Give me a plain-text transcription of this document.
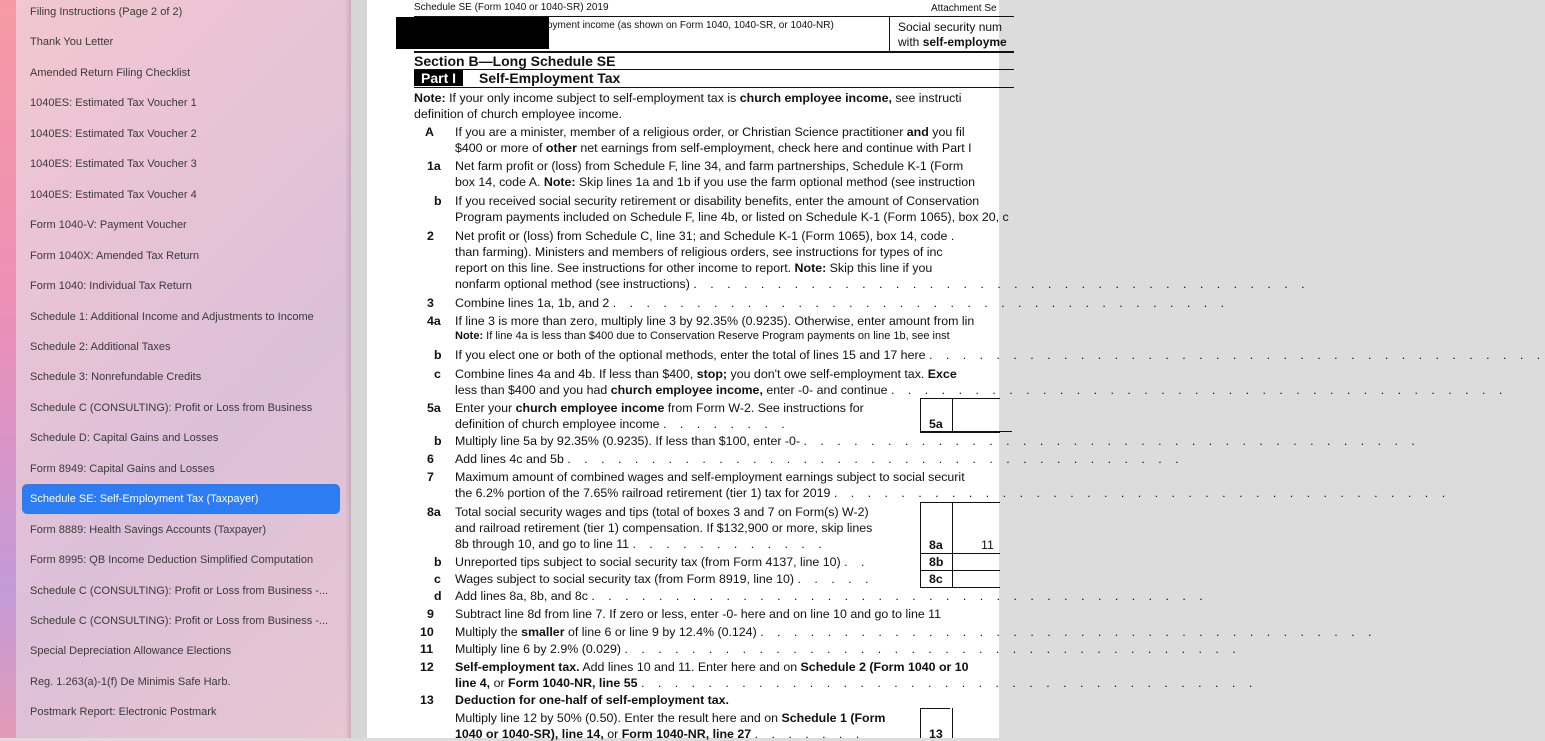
Filing Instructions (Page 2 of 2)
Thank You Letter
Amended Return Filing Checklist
1040ES: Estimated Tax Voucher 1
1040ES: Estimated Tax Voucher 2
1040ES: Estimated Tax Voucher 3
1040ES: Estimated Tax Voucher 4
Form 1040-V: Payment Voucher
Form 1040X: Amended Tax Return
Form 1040: Individual Tax Return
Schedule 1: Additional Income and Adjustments to Income
Schedule 2: Additional Taxes
Schedule 3: Nonrefundable Credits
Schedule C (CONSULTING): Profit or Loss from Business
Schedule D: Capital Gains and Losses
Form 8949: Capital Gains and Losses
Schedule SE: Self-Employment Tax (Taxpayer)
Form 8889: Health Savings Accounts (Taxpayer)
Form 8995: QB Income Deduction Simplified Computation
Schedule C (CONSULTING): Profit or Loss from Business -...
Schedule C (CONSULTING): Profit or Loss from Business -...
Special Depreciation Allowance Elections
Reg. 1.263(a)-1(f) De Minimis Safe Harb.
Postmark Report: Electronic Postmark
Schedule SE (Form 1040 or 1040-SR) 2019	Attachment Se
oyment income (as shown on Form 1040, 1040-SR, or 1040-NR)	Social security num
with self-employme
Section B—Long Schedule SE
Part I	Self-Employment Tax
Note: If your only income subject to self-employment tax is church employee income, see instructi
definition of church employee income.
A If you are a minister, member of a religious order, or Christian Science practitioner and you fil
$400 or more of other net earnings from self-employment, check here and continue with Part I
1a Net farm profit or (loss) from Schedule F, line 34, and farm partnerships, Schedule K-1 (Form
box 14, code A. Note: Skip lines 1a and 1b if you use the farm optional method (see instruction
b If you received social security retirement or disability benefits, enter the amount of Conservation
Program payments included on Schedule F, line 4b, or listed on Schedule K-1 (Form 1065), box 20, c
2 Net profit or (loss) from Schedule C, line 31; and Schedule K-1 (Form 1065), box 14, code .
than farming). Ministers and members of religious orders, see instructions for types of inc
report on this line. See instructions for other income to report. Note: Skip this line if you
nonfarm optional method (see instructions) . . . . . . . . . . . . . . . . . . . . . . . . . . . . . . . . . . . . .
3 Combine lines 1a, 1b, and 2 . . . . . . . . . . . . . . . . . . . . . . . . . . . . . . . . . . . . .
4a If line 3 is more than zero, multiply line 3 by 92.35% (0.9235). Otherwise, enter amount from lin
Note: If line 4a is less than $400 due to Conservation Reserve Program payments on line 1b, see inst
b If you elect one or both of the optional methods, enter the total of lines 15 and 17 here . . . . . . . . . . . . . . . . . . . . . . . . . . . . . . . . . . . . .
c Combine lines 4a and 4b. If less than $400, stop; you don't owe self-employment tax. Exce
less than $400 and you had church employee income, enter -0- and continue . . . . . . . . . . . . . . . . . . . . . . . . . . . . . . . . . . . . .
5a Enter your church employee income from Form W-2. See instructions for
definition of church employee income . . . . . . . .	5a
b Multiply line 5a by 92.35% (0.9235). If less than $100, enter -0- . . . . . . . . . . . . . . . . . . . . . . . . . . . . . . . . . . . . .
6 Add lines 4c and 5b . . . . . . . . . . . . . . . . . . . . . . . . . . . . . . . . . . . . .
7 Maximum amount of combined wages and self-employment earnings subject to social securit
the 6.2% portion of the 7.65% railroad retirement (tier 1) tax for 2019 . . . . . . . . . . . . . . . . . . . . . . . . . . . . . . . . . . . . .
8a Total social security wages and tips (total of boxes 3 and 7 on Form(s) W-2)
and railroad retirement (tier 1) compensation. If $132,900 or more, skip lines
8b through 10, and go to line 11 . . . . . . . . . . . .	8a	11
b Unreported tips subject to social security tax (from Form 4137, line 10) . .	8b
c Wages subject to social security tax (from Form 8919, line 10) . . . . .	8c
d Add lines 8a, 8b, and 8c . . . . . . . . . . . . . . . . . . . . . . . . . . . . . . . . . . . . .
9 Subtract line 8d from line 7. If zero or less, enter -0- here and on line 10 and go to line 11
10 Multiply the smaller of line 6 or line 9 by 12.4% (0.124) . . . . . . . . . . . . . . . . . . . . . . . . . . . . . . . . . . . . .
11 Multiply line 6 by 2.9% (0.029) . . . . . . . . . . . . . . . . . . . . . . . . . . . . . . . . . . . . .
12 Self-employment tax. Add lines 10 and 11. Enter here and on Schedule 2 (Form 1040 or 10
line 4, or Form 1040-NR, line 55 . . . . . . . . . . . . . . . . . . . . . . . . . . . . . . . . . . . . .
13 Deduction for one-half of self-employment tax.
Multiply line 12 by 50% (0.50). Enter the result here and on Schedule 1 (Form
1040 or 1040-SR), line 14, or Form 1040-NR, line 27 . . . . . . .	13
